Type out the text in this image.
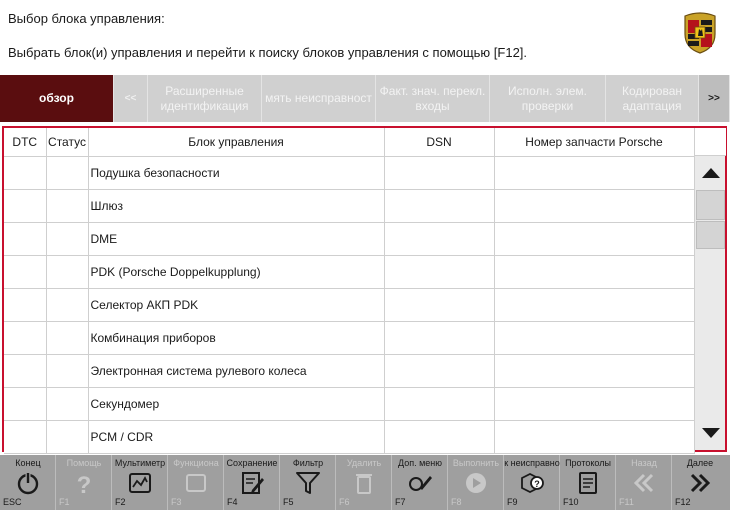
Выбор блока управления:
Выбрать блок(и) управления и перейти к поиску блоков управления с помощью [F12].
обзор	<<
Расширенные идентификация
мять неисправност
Факт. знач. перекл. входы
Исполн. элем. проверки
Кодирован адаптация	>>
DTC	Статус	Блок управления	DSN	Номер запчасти Porsche
		Подушка безопасности		
		Шлюз		
		DME		
		PDK (Porsche Doppelkupplung)		
		Селектор АКП PDK		
		Комбинация приборов		
		Электронная система рулевого колеса		
		Секундомер		
		PCM / CDR		
Конец
ESC
Помощь
?
F1
Мультиметр
F2
Функциона
F3
Сохранение
F4
Фильтр
F5
Удалить
F6
Доп. меню
F7
Выполнить
F8
к неисправно
?
F9
Протоколы
F10
Назад
F11
Далее
F12
